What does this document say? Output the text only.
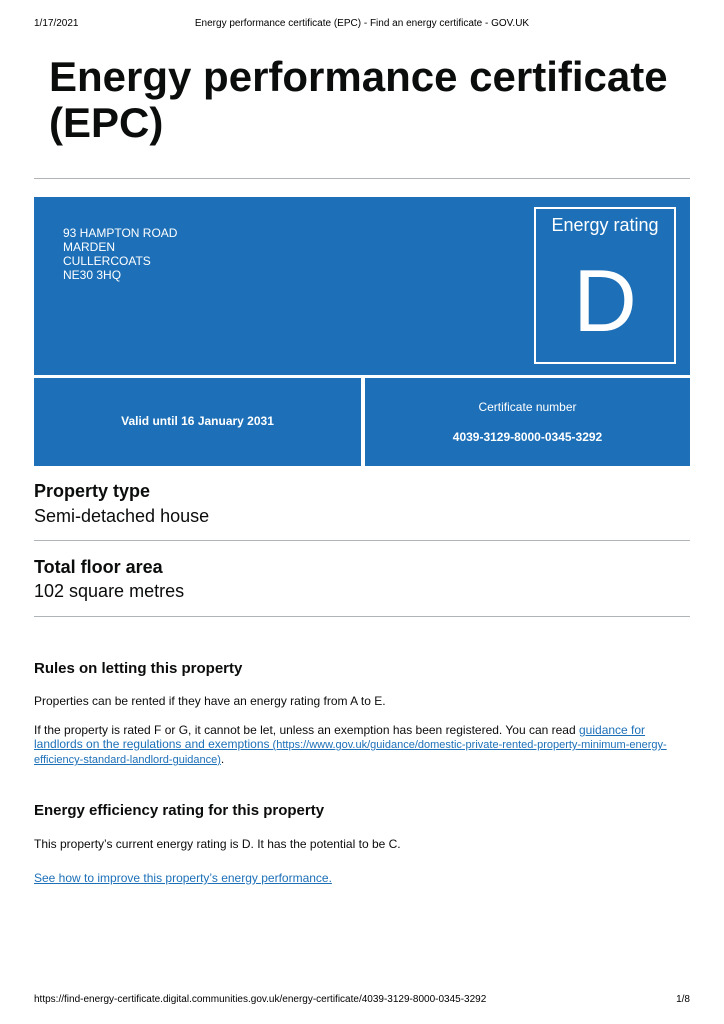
1/17/2021	Energy performance certificate (EPC) - Find an energy certificate - GOV.UK
Energy performance certificate (EPC)
93 HAMPTON ROAD
MARDEN
CULLERCOATS
NE30 3HQ
Energy rating
D
Valid until 16 January 2031
Certificate number
4039-3129-8000-0345-3292
Property type
Semi-detached house
Total floor area
102 square metres
Rules on letting this property

Properties can be rented if they have an energy rating from A to E.

If the property is rated F or G, it cannot be let, unless an exemption has been registered. You can read guidance for landlords on the regulations and exemptions (https://www.gov.uk/guidance/domestic-private-rented-property-minimum-energy-efficiency-standard-landlord-guidance).

Energy efficiency rating for this property

This property’s current energy rating is D. It has the potential to be C.

See how to improve this property’s energy performance.

https://find-energy-certificate.digital.communities.gov.uk/energy-certificate/4039-3129-8000-0345-3292	1/8
